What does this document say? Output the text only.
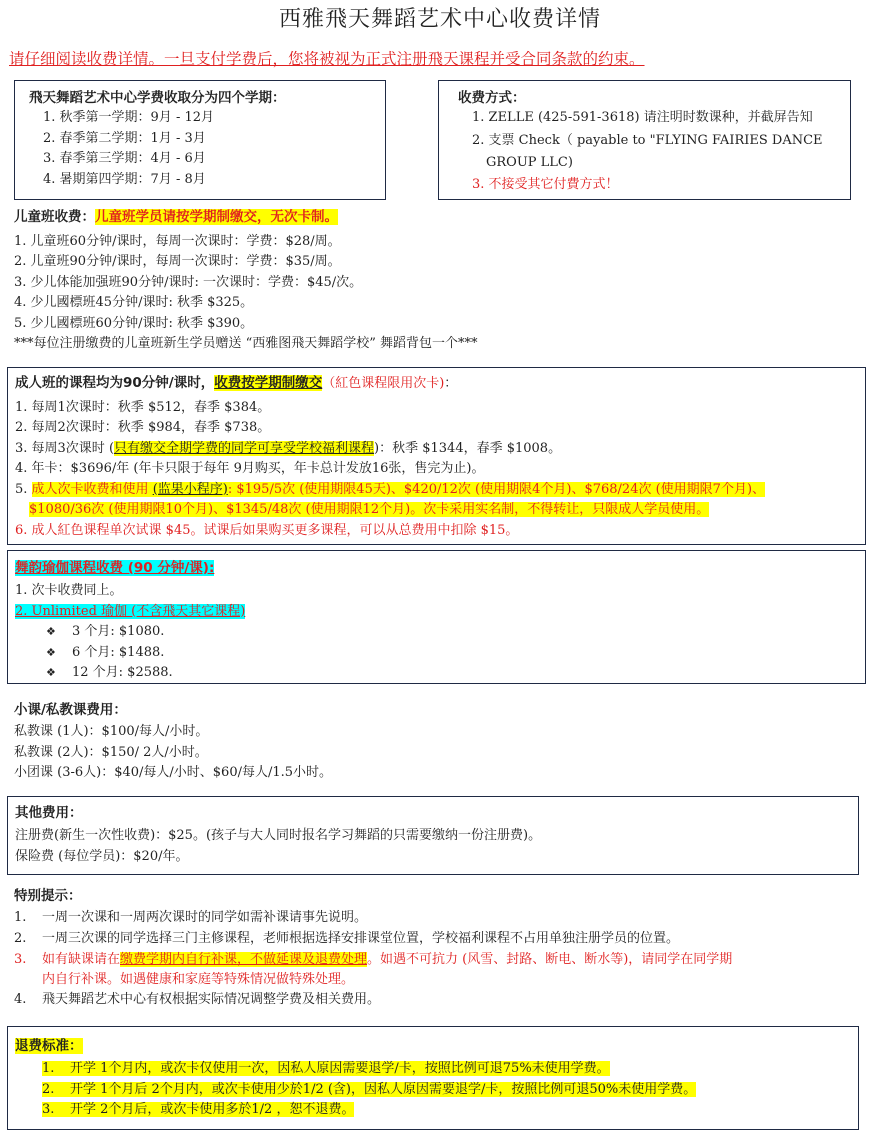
西雅飛天舞蹈艺术中心收费详情
请仔细阅读收费详情。一旦支付学费后，您将被视为正式注册飛天课程并受合同条款的约束。
飛天舞蹈艺术中心学费收取分为四个学期：
1. 秋季第一学期：9月 - 12月
2. 春季第二学期：1月 - 3月
3. 春季第三学期：4月 - 6月
4. 暑期第四学期：7月 - 8月
收费方式：
1. ZELLE (425-591-3618) 请注明时数课种，并截屏告知
2. 支票 Check（ payable to "FLYING FAIRIES DANCE
GROUP LLC)
3. 不接受其它付費方式！
儿童班收费：儿童班学员请按学期制缴交，无次卡制。
1. 儿童班60分钟/课时，每周一次课时：学费：$28/周。
2. 儿童班90分钟/课时，每周一次课时：学费：$35/周。
3. 少儿体能加强班90分钟/课时: 一次课时：学费：$45/次。
4. 少儿國標班45分钟/课时: 秋季 $325。
5. 少儿國標班60分钟/课时: 秋季 $390。
***每位注册缴费的儿童班新生学员赠送 “西雅图飛天舞蹈学校” 舞蹈背包一个***
成人班的课程均为90分钟/课时，收费按学期制缴交（紅色课程限用次卡)：
1. 每周1次课时：秋季 $512，春季 $384。
2. 每周2次课时：秋季 $984，春季 $738。
3. 每周3次课时 (只有缴交全期学费的同学可享受学校福利课程)：秋季 $1344，春季 $1008。
4. 年卡：$3696/年 (年卡只限于每年 9月购买，年卡总计发放16张，售完为止)。
5. 成人次卡收费和使用 (监果小程序): $195/5次 (使用期限45天)、$420/12次 (使用期限4个月)、$768/24次 (使用期限7个月)、
$1080/36次 (使用期限10个月)、$1345/48次 (使用期限12个月)。次卡采用实名制，不得转让，只限成人学员使用。
6. 成人紅色课程单次试课 $45。试课后如果购买更多课程，可以从总费用中扣除 $15。
舞韵瑜伽课程收费 (90 分钟/课):
1. 次卡收费同上。
2. Unlimited 瑜伽 (不含飛天其它课程)
❖ 3 个月: $1080.
❖ 6 个月: $1488.
❖ 12 个月: $2588.
小课/私教课费用：
私教课 (1人)：$100/每人/小时。
私教课 (2人)：$150/ 2人/小时。
小团课 (3-6人)：$40/每人/小时、$60/每人/1.5小时。
其他费用：
注册费(新生一次性收费)：$25。(孩子与大人同时报名学习舞蹈的只需要缴纳一份注册费)。
保险费 (每位学员)：$20/年。
特别提示：
1. 一周一次课和一周两次课时的同学如需补课请事先说明。
2. 一周三次课的同学选择三门主修课程，老师根据选择安排课堂位置，学校福利课程不占用单独注册学员的位置。
3. 如有缺课请在缴费学期内自行补课，不做延课及退费处理。如遇不可抗力 (风雪、封路、断电、断水等)，请同学在同学期
内自行补课。如遇健康和家庭等特殊情况做特殊处理。
4. 飛天舞蹈艺术中心有权根据实际情况调整学费及相关费用。
退费标准：
1. 开学 1个月内，或次卡仅使用一次，因私人原因需要退学/卡，按照比例可退75%未使用学费。
2. 开学 1个月后 2个月内，或次卡使用少於1/2 (含)，因私人原因需要退学/卡，按照比例可退50%未使用学费。
3. 开学 2个月后，或次卡使用多於1/2 ，恕不退费。
